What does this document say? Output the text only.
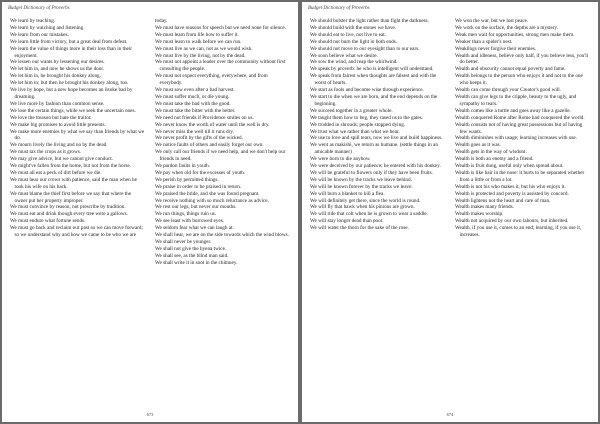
Budget Dictionary of Proverbs

We learn by teaching.

We learn by watching and listening.

We learn from our mistakes.

We learn little from victory, but a great deal from defeat.

We learn the value of things more in their loss than in their enjoyment.

We lessen our wants by lessening our desires.

We let him in, and now he shows us the door.

We let him in, he brought his donkey along.

We let him in; but then he brought his donkey along, too.

We live by hope, but a new hope becomes an ilsoke bad by dreaming.

We live more by fashion than common sense.

We lose the certain things, while we seek the uncertain ones.

We love the treason but hate the traitor.

We make big promises to avoid little presents.

We make more enemies by what we say than friends by what we do.

We mourn lively the living and no by the dead.

We must tax the crops as it grows.

We may give advice, but we cannot give conduct.

We might've fallen from the home, but not from the horse.

We must all eat a peck of dirt before we die.

We must bear our crows with patience, said the man when he took his wife on his back.

We must blame the thief first before we say that where the owner put her property improper.

We must convince by reason, not prescribe by tradition.

We must eat and drink though every tree were a gallows.

We must endure what fortune sends.

We must go back and reclaim our past so we can move forward; so we understand why and how we came to be who we are

today.

We must have reasons for speech but we need none for silence.

We must learn from life how to suffer it.

We must learn to walk before we can run.

We must live as we can, not as we would wish.

We must live by the living, not by the dead.

We must not appoint a leader over the community without first consulting the people.

We must not expect everything, everywhere, and from everybody.

We must sow even after a bad harvest.

We must suffer much, or die young.

We must take the bad with the good.

We must take the bitter with the better.

We need not friends if Providence smiles on us.

We never know the worth of water until the well is dry.

We never miss the well till it runs dry.

We never profit by the gifts of the wicked.

We notice faults of others and easily forget our own.

We only call our friends if we need help, and we don't help our friends in need.

We pardon faults in youth.

We pay when old for the excesses of youth.

We perish by permitted things.

We praise in order to be praised in return.

We praised the bride, and she was found pregnant.

We receive nothing with so much reluctance as advice.

We rest our legs, but never our mouths.

We run things, things ruin us.

We see least with borrowed eyes.

We seldom fear what we can laugh at.

We shall hear, we are on the side towards which the wind blows.

We shall never be younger.

We shall not give the hyena twice.

We shall see, as the blind man said.

We shall write it in soot in the chimney.

673
Budget Dictionary of Proverbs

We should bolster the light rather than fight the darkness.

We should build with the stones we have.

We should eat to live, not live to eat.

We should not burn the light in both ends.

We should not move to our eyesight than to our ears.

We soon believe what we desire.

We sow the wind, and reap the whirlwind.

We speak by proverb: he who is intelligent will understand.

We speak from fairest when thoughts are falsest and with the worst of hearts.

We start as fools and become wise through experience.

We start to die when we are born, and the end depends on the beginning.

We succeed together in a greater whole.

We taught them how to beg, they rased us to the gates.

We trodded in shrouds; people stopped dying.

We trust what we rather than what we hear.

We use to love and spill tears, now we live and build happiness.

We went as makishi, we return as humane. (settle things in an amicable manner)

We were born to die anyhow.

We were deceived by our patience; he entered with his donkey.

We will be grateful to flowers only if they have been fruits.

We will be known by the tracks we leave behind.

We will be known forever by the tracks we leave.

We will burn a blanket to kill a flea.

We will definitely get there, since the world is round.

We will fly that hawk when his pinions are grown.

We will ride that colt when he is grown to wear a saddle.

We will stay longer dead than poor.

We will water the thorn for the sake of the rose.

We won the war, but we lost peace.

We work on the surface, the depths are a mystery.

Weak men wait for opportunities, strong men make them.

Weaker than a spider's nest.

Weaklings never forgive their enemies.

Wealth and idleness, believe only half, if you believe less, you'll do better.

Wealth and obscurity cannot equal poverty and fame.

Wealth belongs to the person who enjoys it and not to the one who keeps it.

Wealth can come through your Creator's good will.

Wealth can give legs to the cripple, beauty to the ugly, and sympathy to tears.

Wealth comes like a turtle and goes away like a gazelle.

Wealth conquered Rome after Rome had conquered the world.

Wealth consists not of having great possessions but of having few wants.

Wealth diminishes with usage; learning increases with use.

Wealth goes as it was.

Wealth gets in the way of wisdom.

Wealth is both an enemy and a friend.

Wealth is fruit dung, useful only when spread about.

Wealth is like hair in the nose: it hurts to be separated whether from a little or from a lot.

Wealth is not his who makes it, but his who enjoys it.

Wealth is protected and poverty is assisted by concord.

Wealth lightens not the heart and care of man.

Wealth makes many friends.

Wealth makes worship.

Wealth not acquired by our own labours, but inherited.

Wealth, if you use it, comes to an end; learning, if you use it, increases.

674
